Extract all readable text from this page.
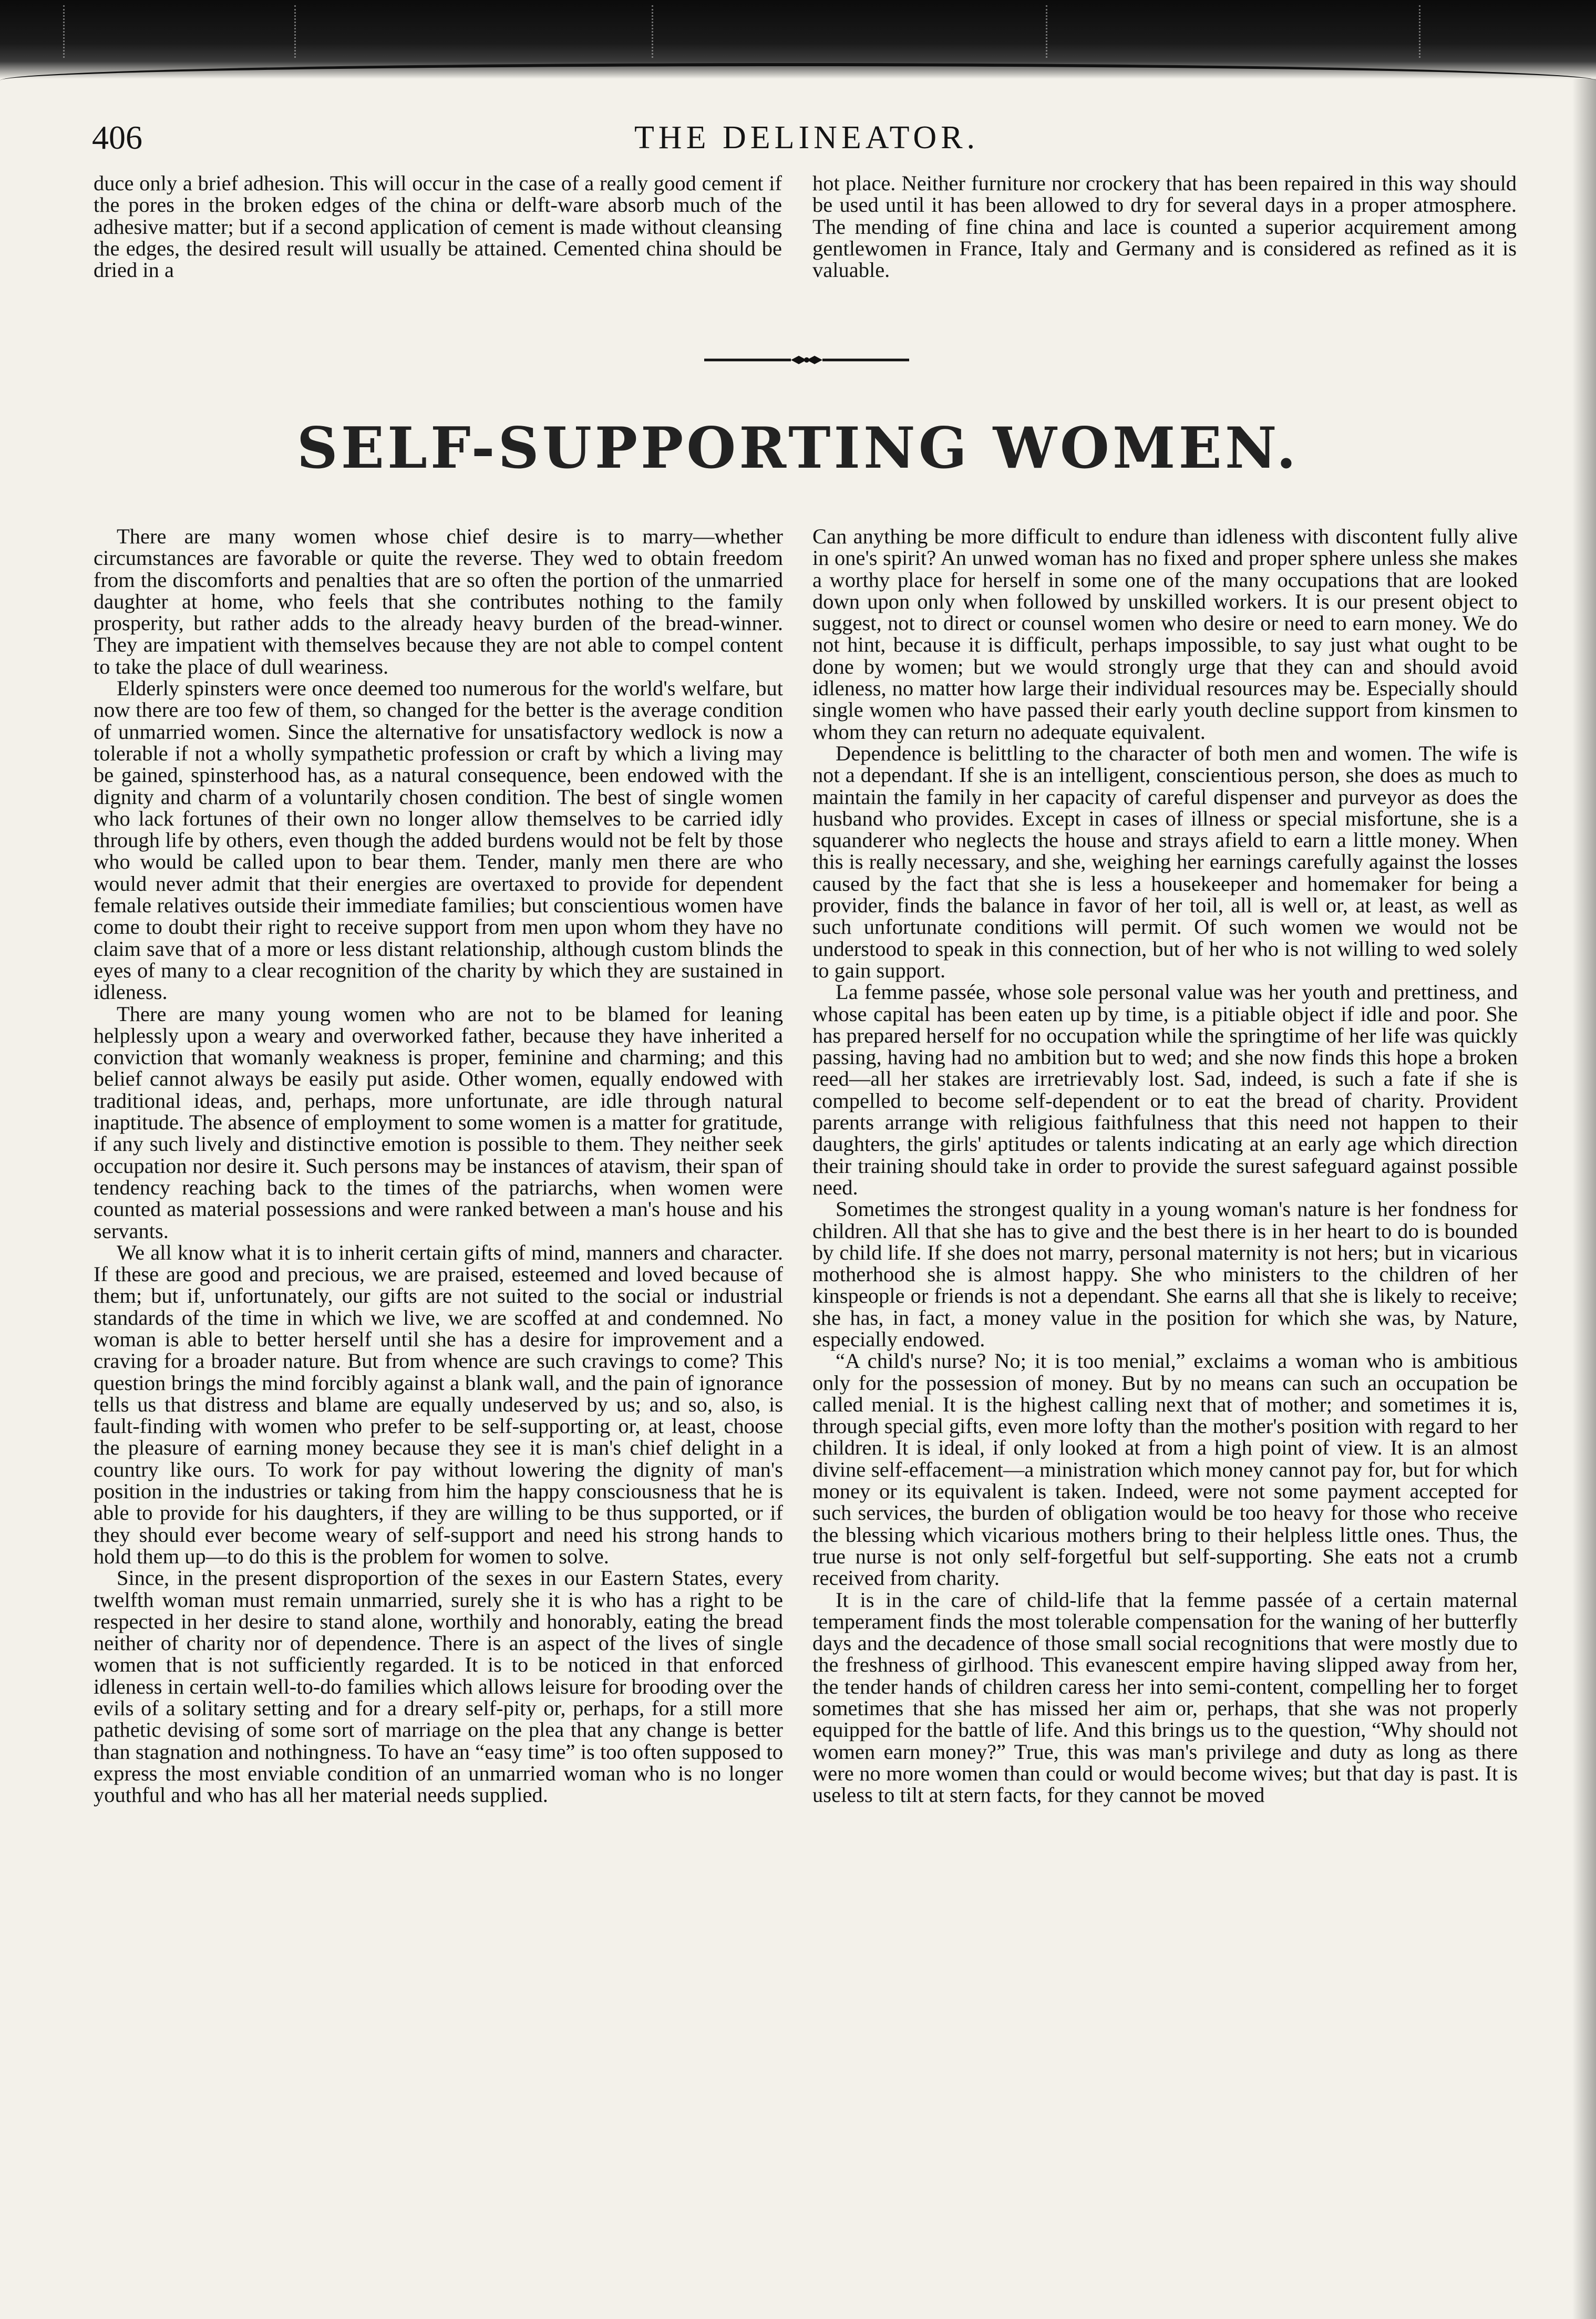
406	THE DELINEATOR.

duce only a brief adhesion. This will occur in the case of a really good cement if the pores in the broken edges of the china or delft-ware absorb much of the adhesive matter; but if a second application of cement is made without cleansing the edges, the desired result will usually be attained. Cemented china should be dried in a

hot place. Neither furniture nor crockery that has been repaired in this way should be used until it has been allowed to dry for several days in a proper atmosphere. The mending of fine china and lace is counted a superior acquirement among gentlewomen in France, Italy and Germany and is considered as refined as it is valuable.

SELF-SUPPORTING WOMEN.

There are many women whose chief desire is to marry—whether circumstances are favorable or quite the reverse. They wed to obtain freedom from the discomforts and penalties that are so often the portion of the unmarried daughter at home, who feels that she contributes nothing to the family prosperity, but rather adds to the already heavy burden of the bread-winner. They are impatient with themselves because they are not able to compel content to take the place of dull weariness.

Elderly spinsters were once deemed too numerous for the world's welfare, but now there are too few of them, so changed for the better is the average condition of unmarried women. Since the alternative for unsatisfactory wedlock is now a tolerable if not a wholly sympathetic profession or craft by which a living may be gained, spinsterhood has, as a natural consequence, been endowed with the dignity and charm of a voluntarily chosen condition. The best of single women who lack fortunes of their own no longer allow themselves to be carried idly through life by others, even though the added burdens would not be felt by those who would be called upon to bear them. Tender, manly men there are who would never admit that their energies are overtaxed to provide for dependent female relatives outside their immediate families; but conscientious women have come to doubt their right to receive support from men upon whom they have no claim save that of a more or less distant relationship, although custom blinds the eyes of many to a clear recognition of the charity by which they are sustained in idleness.

There are many young women who are not to be blamed for leaning helplessly upon a weary and overworked father, because they have inherited a conviction that womanly weakness is proper, feminine and charming; and this belief cannot always be easily put aside. Other women, equally endowed with traditional ideas, and, perhaps, more unfortunate, are idle through natural inaptitude. The absence of employment to some women is a matter for gratitude, if any such lively and distinctive emotion is possible to them. They neither seek occupation nor desire it. Such persons may be instances of atavism, their span of tendency reaching back to the times of the patriarchs, when women were counted as material possessions and were ranked between a man's house and his servants.

We all know what it is to inherit certain gifts of mind, manners and character. If these are good and precious, we are praised, esteemed and loved because of them; but if, unfortunately, our gifts are not suited to the social or industrial standards of the time in which we live, we are scoffed at and condemned. No woman is able to better herself until she has a desire for improvement and a craving for a broader nature. But from whence are such cravings to come? This question brings the mind forcibly against a blank wall, and the pain of ignorance tells us that distress and blame are equally undeserved by us; and so, also, is fault-finding with women who prefer to be self-supporting or, at least, choose the pleasure of earning money because they see it is man's chief delight in a country like ours. To work for pay without lowering the dignity of man's position in the industries or taking from him the happy consciousness that he is able to provide for his daughters, if they are willing to be thus supported, or if they should ever become weary of self-support and need his strong hands to hold them up—to do this is the problem for women to solve.

Since, in the present disproportion of the sexes in our Eastern States, every twelfth woman must remain unmarried, surely she it is who has a right to be respected in her desire to stand alone, worthily and honorably, eating the bread neither of charity nor of dependence. There is an aspect of the lives of single women that is not sufficiently regarded. It is to be noticed in that enforced idleness in certain well-to-do families which allows leisure for brooding over the evils of a solitary setting and for a dreary self-pity or, perhaps, for a still more pathetic devising of some sort of marriage on the plea that any change is better than stagnation and nothingness. To have an “easy time” is too often supposed to express the most enviable condition of an unmarried woman who is no longer youthful and who has all her material needs supplied.

Can anything be more difficult to endure than idleness with discontent fully alive in one's spirit? An unwed woman has no fixed and proper sphere unless she makes a worthy place for herself in some one of the many occupations that are looked down upon only when followed by unskilled workers. It is our present object to suggest, not to direct or counsel women who desire or need to earn money. We do not hint, because it is difficult, perhaps impossible, to say just what ought to be done by women; but we would strongly urge that they can and should avoid idleness, no matter how large their individual resources may be. Especially should single women who have passed their early youth decline support from kinsmen to whom they can return no adequate equivalent.

Dependence is belittling to the character of both men and women. The wife is not a dependant. If she is an intelligent, conscientious person, she does as much to maintain the family in her capacity of careful dispenser and purveyor as does the husband who provides. Except in cases of illness or special misfortune, she is a squanderer who neglects the house and strays afield to earn a little money. When this is really necessary, and she, weighing her earnings carefully against the losses caused by the fact that she is less a housekeeper and homemaker for being a provider, finds the balance in favor of her toil, all is well or, at least, as well as such unfortunate conditions will permit. Of such women we would not be understood to speak in this connection, but of her who is not willing to wed solely to gain support.

La femme passée, whose sole personal value was her youth and prettiness, and whose capital has been eaten up by time, is a pitiable object if idle and poor. She has prepared herself for no occupation while the springtime of her life was quickly passing, having had no ambition but to wed; and she now finds this hope a broken reed—all her stakes are irretrievably lost. Sad, indeed, is such a fate if she is compelled to become self-dependent or to eat the bread of charity. Provident parents arrange with religious faithfulness that this need not happen to their daughters, the girls' aptitudes or talents indicating at an early age which direction their training should take in order to provide the surest safeguard against possible need.

Sometimes the strongest quality in a young woman's nature is her fondness for children. All that she has to give and the best there is in her heart to do is bounded by child life. If she does not marry, personal maternity is not hers; but in vicarious motherhood she is almost happy. She who ministers to the children of her kinspeople or friends is not a dependant. She earns all that she is likely to receive; she has, in fact, a money value in the position for which she was, by Nature, especially endowed.

“A child's nurse? No; it is too menial,” exclaims a woman who is ambitious only for the possession of money. But by no means can such an occupation be called menial. It is the highest calling next that of mother; and sometimes it is, through special gifts, even more lofty than the mother's position with regard to her children. It is ideal, if only looked at from a high point of view. It is an almost divine self-effacement—a ministration which money cannot pay for, but for which money or its equivalent is taken. Indeed, were not some payment accepted for such services, the burden of obligation would be too heavy for those who receive the blessing which vicarious mothers bring to their helpless little ones. Thus, the true nurse is not only self-forgetful but self-supporting. She eats not a crumb received from charity.

It is in the care of child-life that la femme passée of a certain maternal temperament finds the most tolerable compensation for the waning of her butterfly days and the decadence of those small social recognitions that were mostly due to the freshness of girlhood. This evanescent empire having slipped away from her, the tender hands of children caress her into semi-content, compelling her to forget sometimes that she has missed her aim or, perhaps, that she was not properly equipped for the battle of life. And this brings us to the question, “Why should not women earn money?” True, this was man's privilege and duty as long as there were no more women than could or would become wives; but that day is past. It is useless to tilt at stern facts, for they cannot be moved
